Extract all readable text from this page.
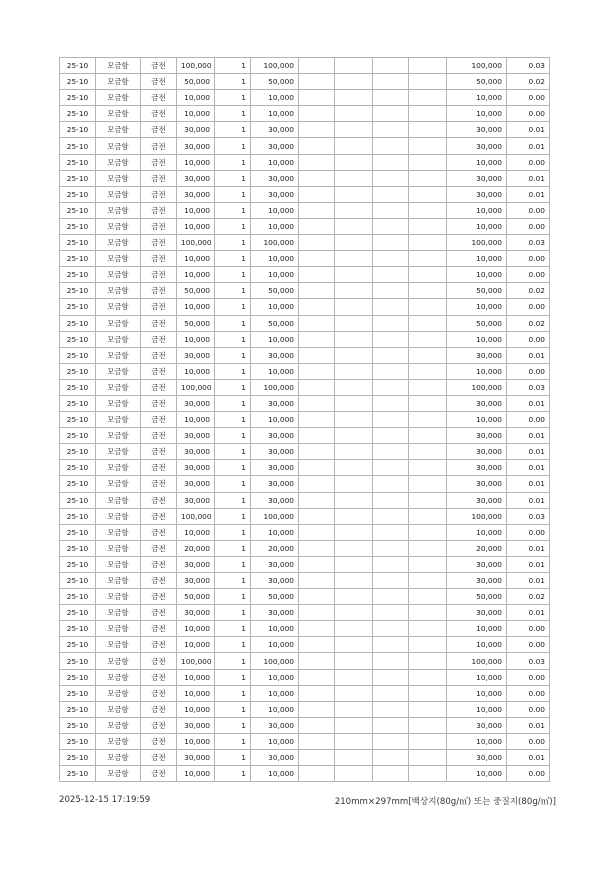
25-10	모금함	금전	100,000	1	100,000					100,000	0.03
25-10	모금함	금전	50,000	1	50,000					50,000	0.02
25-10	모금함	금전	10,000	1	10,000					10,000	0.00
25-10	모금함	금전	10,000	1	10,000					10,000	0.00
25-10	모금함	금전	30,000	1	30,000					30,000	0.01
25-10	모금함	금전	30,000	1	30,000					30,000	0.01
25-10	모금함	금전	10,000	1	10,000					10,000	0.00
25-10	모금함	금전	30,000	1	30,000					30,000	0.01
25-10	모금함	금전	30,000	1	30,000					30,000	0.01
25-10	모금함	금전	10,000	1	10,000					10,000	0.00
25-10	모금함	금전	10,000	1	10,000					10,000	0.00
25-10	모금함	금전	100,000	1	100,000					100,000	0.03
25-10	모금함	금전	10,000	1	10,000					10,000	0.00
25-10	모금함	금전	10,000	1	10,000					10,000	0.00
25-10	모금함	금전	50,000	1	50,000					50,000	0.02
25-10	모금함	금전	10,000	1	10,000					10,000	0.00
25-10	모금함	금전	50,000	1	50,000					50,000	0.02
25-10	모금함	금전	10,000	1	10,000					10,000	0.00
25-10	모금함	금전	30,000	1	30,000					30,000	0.01
25-10	모금함	금전	10,000	1	10,000					10,000	0.00
25-10	모금함	금전	100,000	1	100,000					100,000	0.03
25-10	모금함	금전	30,000	1	30,000					30,000	0.01
25-10	모금함	금전	10,000	1	10,000					10,000	0.00
25-10	모금함	금전	30,000	1	30,000					30,000	0.01
25-10	모금함	금전	30,000	1	30,000					30,000	0.01
25-10	모금함	금전	30,000	1	30,000					30,000	0.01
25-10	모금함	금전	30,000	1	30,000					30,000	0.01
25-10	모금함	금전	30,000	1	30,000					30,000	0.01
25-10	모금함	금전	100,000	1	100,000					100,000	0.03
25-10	모금함	금전	10,000	1	10,000					10,000	0.00
25-10	모금함	금전	20,000	1	20,000					20,000	0.01
25-10	모금함	금전	30,000	1	30,000					30,000	0.01
25-10	모금함	금전	30,000	1	30,000					30,000	0.01
25-10	모금함	금전	50,000	1	50,000					50,000	0.02
25-10	모금함	금전	30,000	1	30,000					30,000	0.01
25-10	모금함	금전	10,000	1	10,000					10,000	0.00
25-10	모금함	금전	10,000	1	10,000					10,000	0.00
25-10	모금함	금전	100,000	1	100,000					100,000	0.03
25-10	모금함	금전	10,000	1	10,000					10,000	0.00
25-10	모금함	금전	10,000	1	10,000					10,000	0.00
25-10	모금함	금전	10,000	1	10,000					10,000	0.00
25-10	모금함	금전	30,000	1	30,000					30,000	0.01
25-10	모금함	금전	10,000	1	10,000					10,000	0.00
25-10	모금함	금전	30,000	1	30,000					30,000	0.01
25-10	모금함	금전	10,000	1	10,000					10,000	0.00
2025-12-15 17:19:59	210mm×297mm[백상지(80g/㎡) 또는 중질지(80g/㎡)]
